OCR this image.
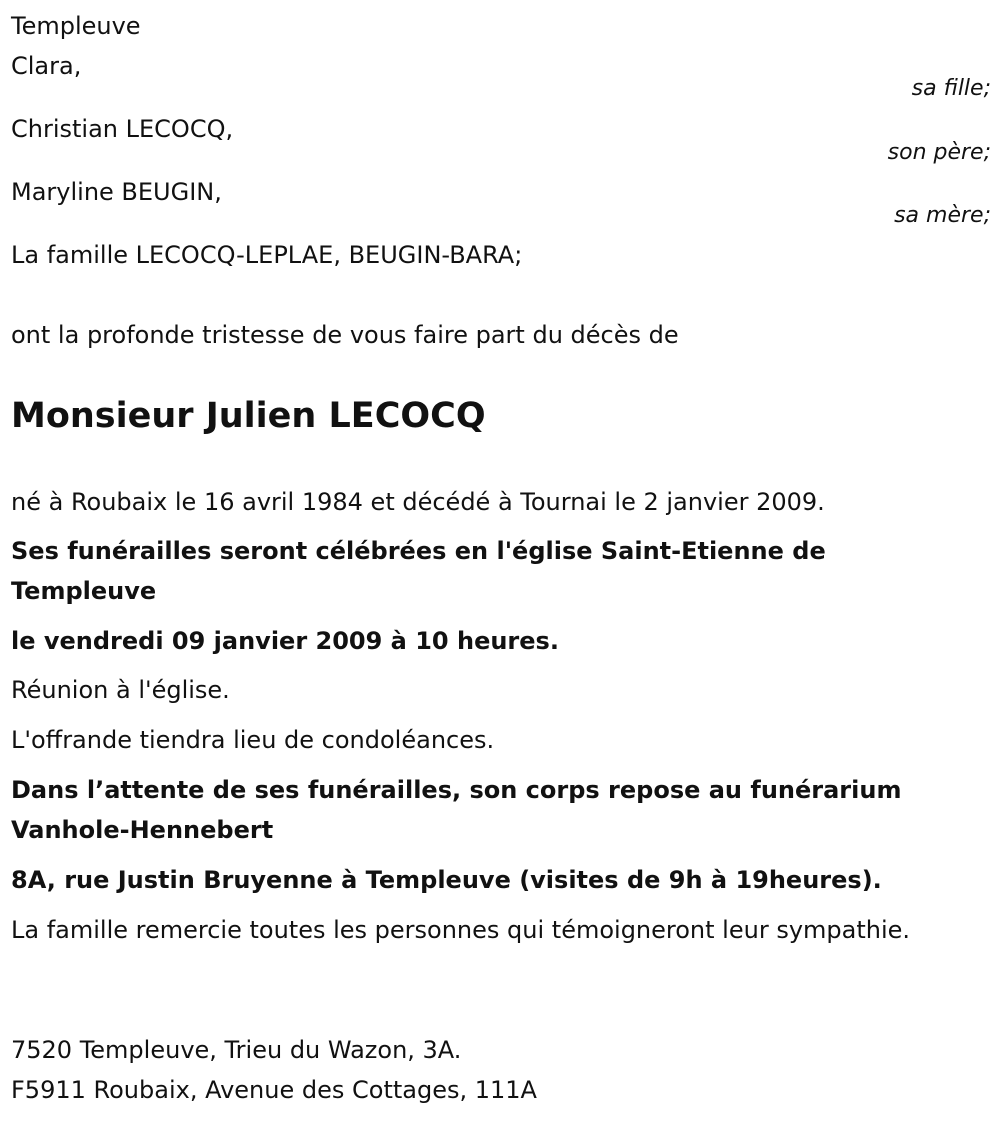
Templeuve
Clara,
sa fille;
Christian LECOCQ,
son père;
Maryline BEUGIN,
sa mère;
La famille LECOCQ-LEPLAE, BEUGIN-BARA;
ont la profonde tristesse de vous faire part du décès de
Monsieur Julien LECOCQ
né à Roubaix le 16 avril 1984 et décédé à Tournai le 2 janvier 2009.
Ses funérailles seront célébrées en l'église Saint-Etienne de Templeuve
le vendredi 09 janvier 2009 à 10 heures.
Réunion à l'église.
L'offrande tiendra lieu de condoléances.
Dans l’attente de ses funérailles, son corps repose au funérarium Vanhole-Hennebert
8A, rue Justin Bruyenne à Templeuve (visites de 9h à 19heures).
La famille remercie toutes les personnes qui témoigneront leur sympathie.
7520 Templeuve, Trieu du Wazon, 3A.
F5911 Roubaix, Avenue des Cottages, 111A
